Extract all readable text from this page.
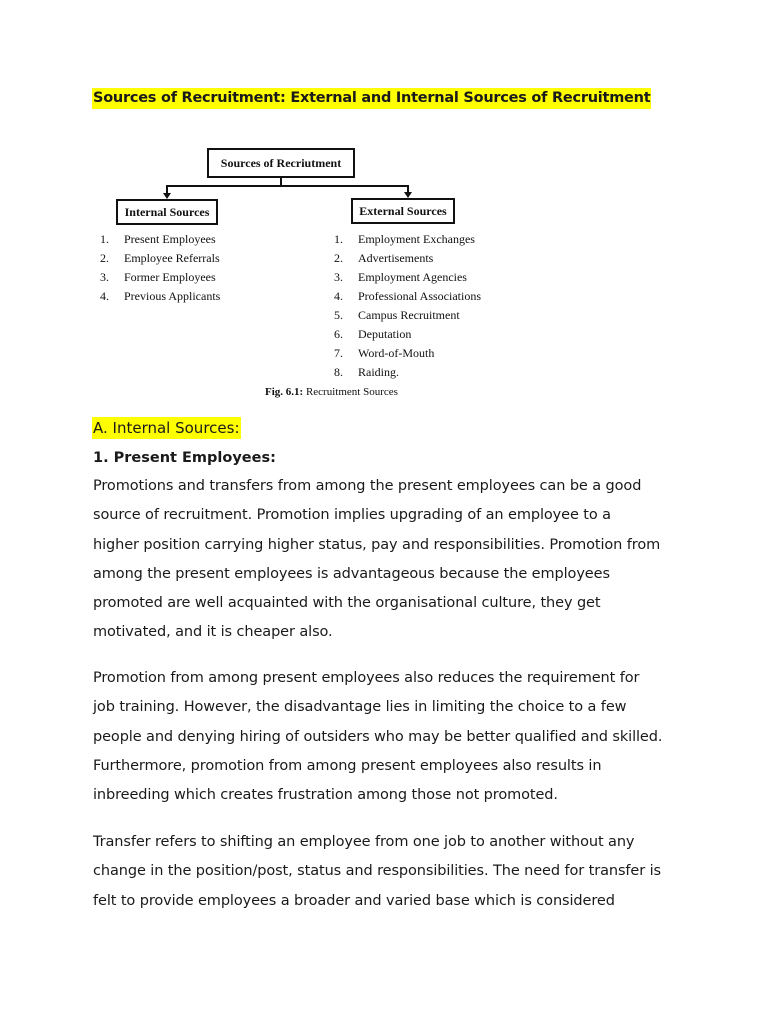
Sources of Recruitment: External and Internal Sources of Recruitment
Sources of Recriutment
Internal Sources	External Sources
1. Present Employees
2. Employee Referrals
3. Former Employees
4. Previous Applicants
1. Employment Exchanges
2. Advertisements
3. Employment Agencies
4. Professional Associations
5. Campus Recruitment
6. Deputation
7. Word-of-Mouth
8. Raiding.
Fig. 6.1: Recruitment Sources
A. Internal Sources:
1. Present Employees:

Promotions and transfers from among the present employees can be a good
source of recruitment. Promotion implies upgrading of an employee to a
higher position carrying higher status, pay and responsibilities. Promotion from
among the present employees is advantageous because the employees
promoted are well acquainted with the organisational culture, they get
motivated, and it is cheaper also.

Promotion from among present employees also reduces the requirement for
job training. However, the disadvantage lies in limiting the choice to a few
people and denying hiring of outsiders who may be better qualified and skilled.
Furthermore, promotion from among present employees also results in
inbreeding which creates frustration among those not promoted.

Transfer refers to shifting an employee from one job to another without any
change in the position/post, status and responsibilities. The need for transfer is
felt to provide employees a broader and varied base which is considered
